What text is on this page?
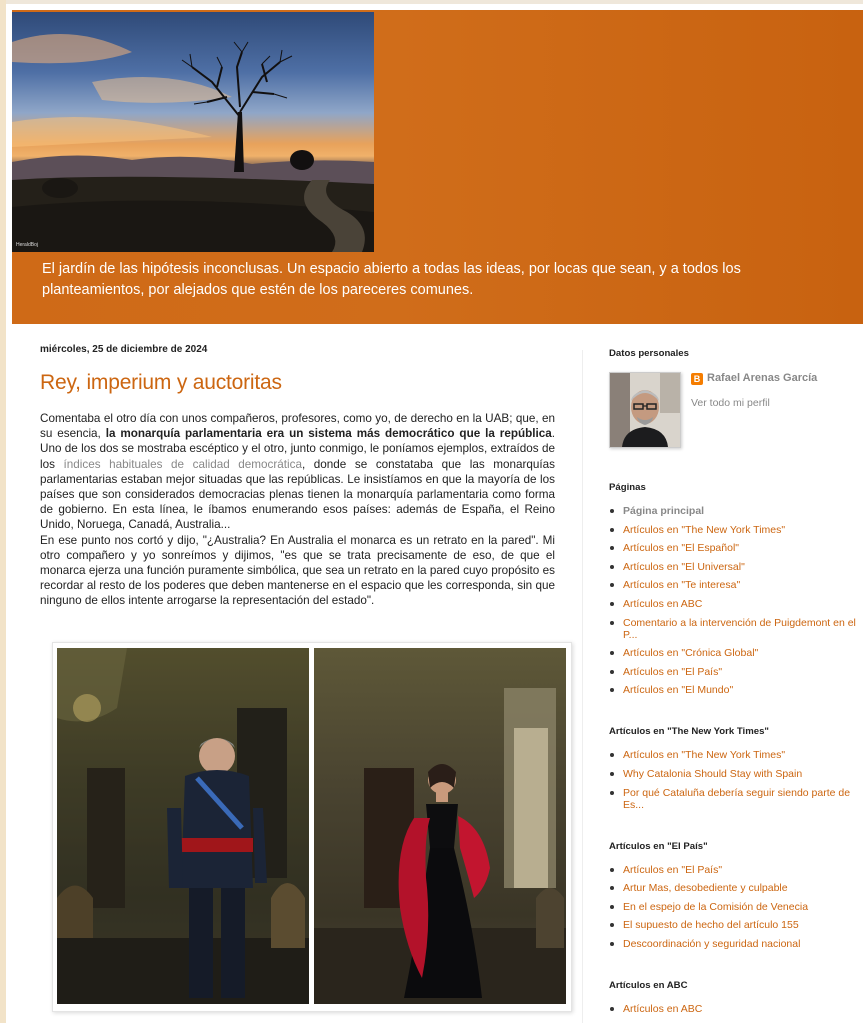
HeraldBoj
El jardín de las hipótesis inconclusas. Un espacio abierto a todas las ideas, por locas que sean, y a todos los planteamientos, por alejados que estén de los pareceres comunes.
miércoles, 25 de diciembre de 2024
Rey, imperium y auctoritas

Comentaba el otro día con unos compañeros, profesores, como yo, de derecho en la UAB; que, en su esencia, la monarquía parlamentaria era un sistema más democrático que la república. Uno de los dos se mostraba escéptico y el otro, junto conmigo, le poníamos ejemplos, extraídos de los índices habituales de calidad democrática, donde se constataba que las monarquías parlamentarias estaban mejor situadas que las repúblicas. Le insistíamos en que la mayoría de los países que son considerados democracias plenas tienen la monarquía parlamentaria como forma de gobierno. En esta línea, le íbamos enumerando esos países: además de España, el Reino Unido, Noruega, Canadá, Australia...

En ese punto nos cortó y dijo, "¿Australia? En Australia el monarca es un retrato en la pared". Mi otro compañero y yo sonreímos y dijimos, "es que se trata precisamente de eso, de que el monarca ejerza una función puramente simbólica, que sea un retrato en la pared cuyo propósito es recordar al resto de los poderes que deben mantenerse en el espacio que les corresponda, sin que ninguno de ellos intente arrogarse la representación del estado".

Datos personales
B Rafael Arenas García
Ver todo mi perfil
Páginas
Página principal
Artículos en "The New York Times"
Artículos en "El Español"
Artículos en "El Universal"
Artículos en "Te interesa"
Artículos en ABC
Comentario a la intervención de Puigdemont en el P...
Artículos en "Crónica Global"
Artículos en "El País"
Artículos en "El Mundo"
Artículos en "The New York Times"
Artículos en "The New York Times"
Why Catalonia Should Stay with Spain
Por qué Cataluña debería seguir siendo parte de Es...
Artículos en "El País"
Artículos en "El País"
Artur Mas, desobediente y culpable
En el espejo de la Comisión de Venecia
El supuesto de hecho del artículo 155
Descoordinación y seguridad nacional
Artículos en ABC
Artículos en ABC
